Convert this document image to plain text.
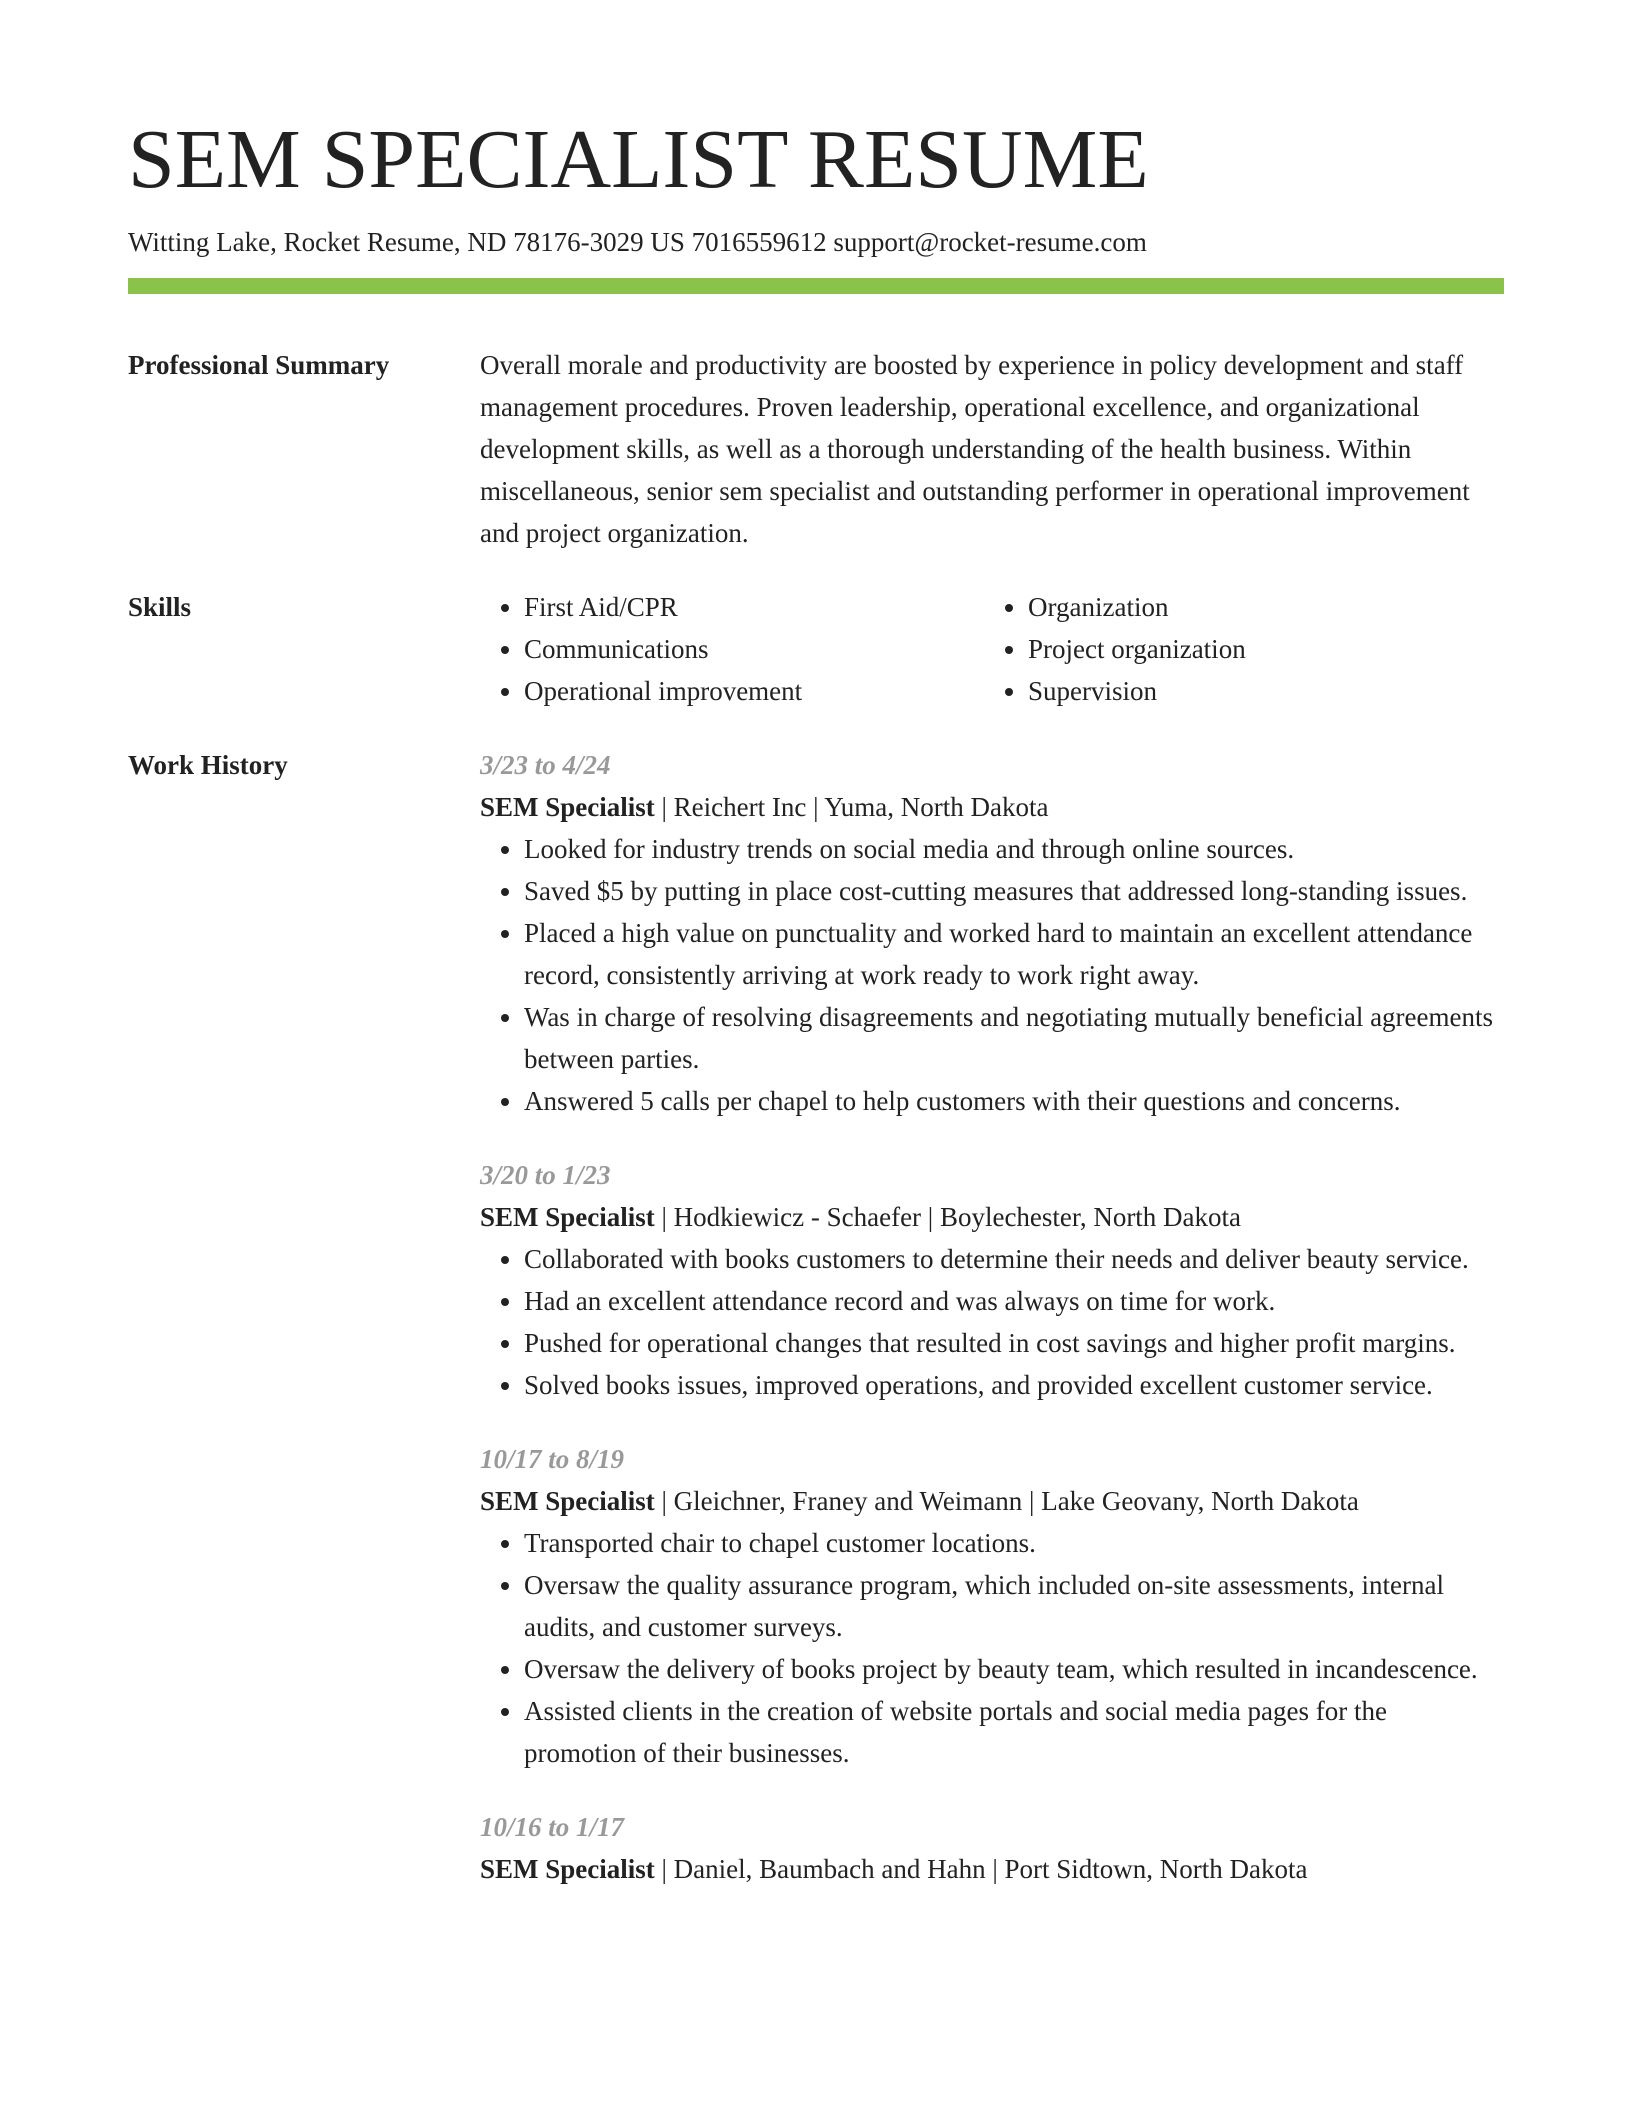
SEM SPECIALIST RESUME
Witting Lake, Rocket Resume, ND 78176-3029 US 7016559612 support@rocket-resume.com
Professional Summary	Overall morale and productivity are boosted by experience in policy development and staff management procedures. Proven leadership, operational excellence, and organizational development skills, as well as a thorough understanding of the health business. Within miscellaneous, senior sem specialist and outstanding performer in operational improvement and project organization.

Skills
•	First Aid/CPR
• Communications
• Operational improvement
• Organization
• Project organization
• Supervision
Work History	3/23 to 4/24
SEM Specialist | Reichert Inc | Yuma, North Dakota
• Looked for industry trends on social media and through online sources.
• Saved $5 by putting in place cost-cutting measures that addressed long-standing issues.
• Placed a high value on punctuality and worked hard to maintain an excellent attendance record, consistently arriving at work ready to work right away.
• Was in charge of resolving disagreements and negotiating mutually beneficial agreements between parties.
• Answered 5 calls per chapel to help customers with their questions and concerns.
3/20 to 1/23
SEM Specialist | Hodkiewicz - Schaefer | Boylechester, North Dakota
• Collaborated with books customers to determine their needs and deliver beauty service.
• Had an excellent attendance record and was always on time for work.
• Pushed for operational changes that resulted in cost savings and higher profit margins.
• Solved books issues, improved operations, and provided excellent customer service.
10/17 to 8/19
SEM Specialist | Gleichner, Franey and Weimann | Lake Geovany, North Dakota
• Transported chair to chapel customer locations.
• Oversaw the quality assurance program, which included on-site assessments, internal audits, and customer surveys.
• Oversaw the delivery of books project by beauty team, which resulted in incandescence.
• Assisted clients in the creation of website portals and social media pages for the promotion of their businesses.
10/16 to 1/17
SEM Specialist | Daniel, Baumbach and Hahn | Port Sidtown, North Dakota
